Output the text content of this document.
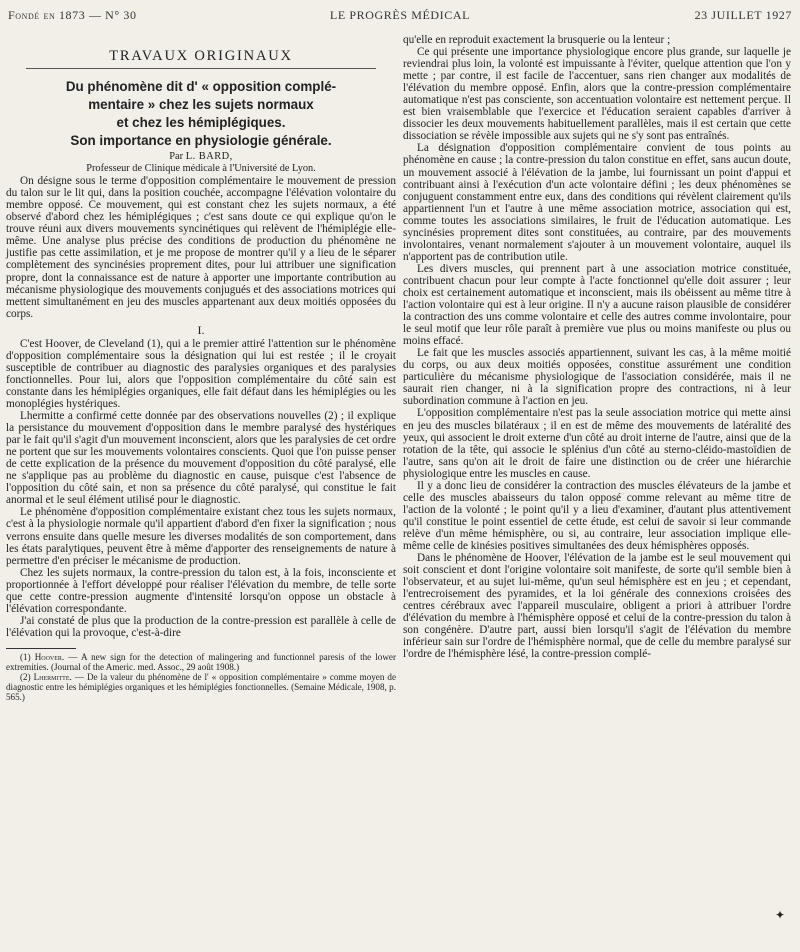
Fondé en 1873 — N° 30	LE PROGRÈS MÉDICAL	23 JUILLET 1927
TRAVAUX ORIGINAUX
Du phénomène dit d' « opposition complé-
mentaire » chez les sujets normaux
et chez les hémiplégiques.
Son importance en physiologie générale.

Par L. BARD,

Professeur de Clinique médicale à l'Université de Lyon.

On désigne sous le terme d'opposition complémentaire le mouvement de pression du talon sur le lit qui, dans la position couchée, accompagne l'élévation volontaire du membre opposé. Ce mouvement, qui est constant chez les sujets normaux, a été observé d'abord chez les hémiplégiques ; c'est sans doute ce qui explique qu'on le trouve réuni aux divers mouvements syncinétiques qui relèvent de l'hémiplégie elle-même. Une analyse plus précise des conditions de production du phénomène ne justifie pas cette assimilation, et je me propose de montrer qu'il y a lieu de le séparer complètement des syncinésies proprement dites, pour lui attribuer une signification propre, dont la connaissance est de nature à apporter une importante contribution au mécanisme physiologique des mouvements conjugués et des associations motrices qui mettent simultanément en jeu des muscles appartenant aux deux moitiés opposées du corps.

I.

C'est Hoover, de Cleveland (1), qui a le premier attiré l'attention sur le phénomène d'opposition complémentaire sous la désignation qui lui est restée ; il le croyait susceptible de contribuer au diagnostic des paralysies organiques et des paralysies fonctionnelles. Pour lui, alors que l'opposition complémentaire du côté sain est constante dans les hémiplégies organiques, elle fait défaut dans les hémiplégies ou les monoplégies hystériques.

Lhermitte a confirmé cette donnée par des observations nouvelles (2) ; il explique la persistance du mouvement d'opposition dans le membre paralysé des hystériques par le fait qu'il s'agit d'un mouvement inconscient, alors que les paralysies de cet ordre ne portent que sur les mouvements volontaires conscients. Quoi que l'on puisse penser de cette explication de la présence du mouvement d'opposition du côté paralysé, elle ne s'applique pas au problème du diagnostic en cause, puisque c'est l'absence de l'opposition du côté sain, et non sa présence du côté paralysé, qui constitue le fait anormal et le seul élément utilisé pour le diagnostic.

Le phénomène d'opposition complémentaire existant chez tous les sujets normaux, c'est à la physiologie normale qu'il appartient d'abord d'en fixer la signification ; nous verrons ensuite dans quelle mesure les diverses modalités de son comportement, dans les états paralytiques, peuvent être à même d'apporter des renseignements de nature à permettre d'en préciser le mécanisme de production.

Chez les sujets normaux, la contre-pression du talon est, à la fois, inconsciente et proportionnée à l'effort développé pour réaliser l'élévation du membre, de telle sorte que cette contre-pression augmente d'intensité lorsqu'on oppose un obstacle à l'élévation correspondante.

J'ai constaté de plus que la production de la contre-pression est parallèle à celle de l'élévation qui la provoque, c'est-à-dire

(1) Hoover. — A new sign for the detection of malingering and functionnel paresis of the lower extremities. (Journal of the Americ. med. Assoc., 29 août 1908.)

(2) Lhermitte. — De la valeur du phénomène de l' « opposition complémentaire » comme moyen de diagnostic entre les hémiplégies organiques et les hémiplégies fonctionnelles. (Semaine Médicale, 1908, p. 565.)

qu'elle en reproduit exactement la brusquerie ou la lenteur ;

Ce qui présente une importance physiologique encore plus grande, sur laquelle je reviendrai plus loin, la volonté est impuissante à l'éviter, quelque attention que l'on y mette ; par contre, il est facile de l'accentuer, sans rien changer aux modalités de l'élévation du membre opposé. Enfin, alors que la contre-pression complémentaire automatique n'est pas consciente, son accentuation volontaire est nettement perçue. Il est bien vraisemblable que l'exercice et l'éducation seraient capables d'arriver à dissocier les deux mouvements habituellement parallèles, mais il est certain que cette dissociation se révèle impossible aux sujets qui ne s'y sont pas entraînés.

La désignation d'opposition complémentaire convient de tous points au phénomène en cause ; la contre-pression du talon constitue en effet, sans aucun doute, un mouvement associé à l'élévation de la jambe, lui fournissant un point d'appui et contribuant ainsi à l'exécution d'un acte volontaire défini ; les deux phénomènes se conjuguent constamment entre eux, dans des conditions qui révèlent clairement qu'ils appartiennent l'un et l'autre à une même association motrice, association qui est, comme toutes les associations similaires, le fruit de l'éducation automatique. Les syncinésies proprement dites sont constituées, au contraire, par des mouvements involontaires, venant normalement s'ajouter à un mouvement volontaire, auquel ils n'apportent pas de contribution utile.

Les divers muscles, qui prennent part à une association motrice constituée, contribuent chacun pour leur compte à l'acte fonctionnel qu'elle doit assurer ; leur choix est certainement automatique et inconscient, mais ils obéissent au même titre à l'action volontaire qui est à leur origine. Il n'y a aucune raison plausible de considérer la contraction des uns comme volontaire et celle des autres comme involontaire, pour le seul motif que leur rôle paraît à première vue plus ou moins manifeste ou plus ou moins effacé.

Le fait que les muscles associés appartiennent, suivant les cas, à la même moitié du corps, ou aux deux moitiés opposées, constitue assurément une condition particulière du mécanisme physiologique de l'association considérée, mais il ne saurait rien changer, ni à la signification propre des contractions, ni à leur subordination commune à l'action en jeu.

L'opposition complémentaire n'est pas la seule association motrice qui mette ainsi en jeu des muscles bilatéraux ; il en est de même des mouvements de latéralité des yeux, qui associent le droit externe d'un côté au droit interne de l'autre, ainsi que de la rotation de la tête, qui associe le splénius d'un côté au sterno-cléido-mastoïdien de l'autre, sans qu'on ait le droit de faire une distinction ou de créer une hiérarchie physiologique entre les muscles en cause.

Il y a donc lieu de considérer la contraction des muscles élévateurs de la jambe et celle des muscles abaisseurs du talon opposé comme relevant au même titre de l'action de la volonté ; le point qu'il y a lieu d'examiner, d'autant plus attentivement qu'il constitue le point essentiel de cette étude, est celui de savoir si leur commande relève d'un même hémisphère, ou si, au contraire, leur association implique elle-même celle de kinésies positives simultanées des deux hémisphères opposés.

Dans le phénomène de Hoover, l'élévation de la jambe est le seul mouvement qui soit conscient et dont l'origine volontaire soit manifeste, de sorte qu'il semble bien à l'observateur, et au sujet lui-même, qu'un seul hémisphère est en jeu ; et cependant, l'entrecroisement des pyramides, et la loi générale des connexions croisées des centres cérébraux avec l'appareil musculaire, obligent a priori à attribuer l'ordre d'élévation du membre à l'hémisphère opposé et celui de la contre-pression du talon à son congénère. D'autre part, aussi bien lorsqu'il s'agit de l'élévation du membre inférieur sain sur l'ordre de l'hémisphère normal, que de celle du membre paralysé sur l'ordre de l'hémisphère lésé, la contre-pression complé-

✦
